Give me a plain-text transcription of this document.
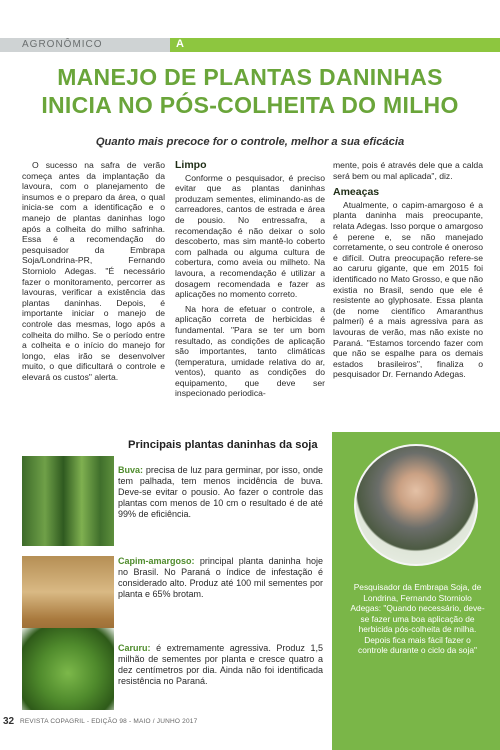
AGRONÔMICO	A
MANEJO DE PLANTAS DANINHAS
INICIA NO PÓS-COLHEITA DO MILHO
Quanto mais precoce for o controle, melhor a sua eficácia

O sucesso na safra de verão começa antes da implantação da lavoura, com o planejamento de insumos e o preparo da área, o qual inicia-se com a identificação e o manejo de plantas daninhas logo após a colheita do milho safrinha. Essa é a recomendação do pesquisador da Embrapa Soja/Londrina-PR, Fernando Storniolo Adegas. "É necessário fazer o monitoramento, percorrer as lavouras, verificar a existência das plantas daninhas. Depois, é importante iniciar o manejo de controle das mesmas, logo após a colheita do milho. Se o período entre a colheita e o início do manejo for longo, elas irão se desenvolver muito, o que dificultará o controle e elevará os custos" alerta.

Limpo

Conforme o pesquisador, é preciso evitar que as plantas daninhas produzam sementes, eliminando-as de carreadores, cantos de estrada e área de pousio. No entressafra, a recomendação é não deixar o solo descoberto, mas sim mantê-lo coberto com palhada ou alguma cultura de cobertura, como aveia ou milheto. Na lavoura, a recomendação é utilizar a dosagem recomendada e fazer as aplicações no momento correto.

Na hora de efetuar o controle, a aplicação correta de herbicidas é fundamental. "Para se ter um bom resultado, as condições de aplicação são importantes, tanto climáticas (temperatura, umidade relativa do ar, ventos), quanto as condições do equipamento, que deve ser inspecionado periodica-

mente, pois é através dele que a calda será bem ou mal aplicada", diz.

Ameaças

Atualmente, o capim-amargoso é a planta daninha mais preocupante, relata Adegas. Isso porque o amargoso é perene e, se não manejado corretamente, o seu controle é oneroso e difícil. Outra preocupação refere-se ao caruru gigante, que em 2015 foi identificado no Mato Grosso, e que não existia no Brasil, sendo que ele é resistente ao glyphosate. Essa planta (de nome científico Amaranthus palmeri) é a mais agressiva para as lavouras de verão, mas não existe no Paraná. "Estamos torcendo fazer com que não se espalhe para os demais estados brasileiros", finaliza o pesquisador Dr. Fernando Adegas.

Principais plantas daninhas da soja
Buva: precisa de luz para germinar, por isso, onde tem palhada, tem menos incidência de buva. Deve-se evitar o pousio. Ao fazer o controle das plantas com menos de 10 cm o resultado é de até 99% de eficiência.
Capim-amargoso: principal planta daninha hoje no Brasil. No Paraná o índice de infestação é considerado alto. Produz até 100 mil sementes por planta e 65% brotam.
Caruru: é extremamente agressiva. Produz 1,5 milhão de sementes por planta e cresce quatro a dez centímetros por dia. Ainda não foi identificada resistência no Paraná.
Pesquisador da Embrapa Soja, de Londrina, Fernando Storniolo Adegas: "Quando necessário, deve-se fazer uma boa aplicação de herbicida pós-colheita de milha. Depois fica mais fácil fazer o controle durante o ciclo da soja"
32 REVISTA COPAGRIL - EDIÇÃO 98 - MAIO / JUNHO 2017
